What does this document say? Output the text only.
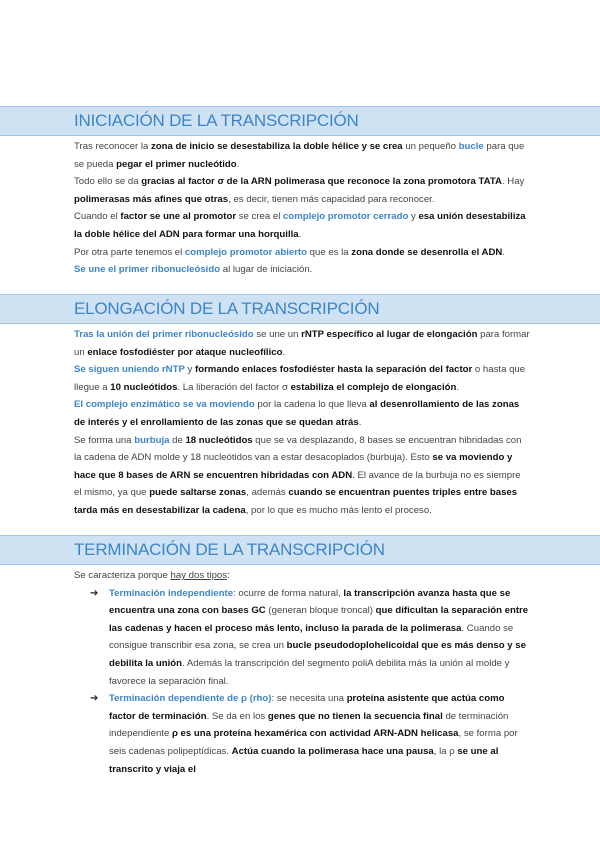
INICIACIÓN DE LA TRANSCRIPCIÓN

Tras reconocer la zona de inicio se desestabiliza la doble hélice y se crea un pequeño bucle para que se pueda pegar el primer nucleótido.

Todo ello se da gracias al factor σ de la ARN polimerasa que reconoce la zona promotora TATA. Hay polimerasas más afines que otras, es decir, tienen más capacidad para reconocer.

Cuando el factor se une al promotor se crea el complejo promotor cerrado y esa unión desestabiliza la doble hélice del ADN para formar una horquilla.

Por otra parte tenemos el complejo promotor abierto que es la zona donde se desenrolla el ADN.

Se une el primer ribonucleósido al lugar de iniciación.

ELONGACIÓN DE LA TRANSCRIPCIÓN

Tras la unión del primer ribonucleósido se une un rNTP específico al lugar de elongación para formar un enlace fosfodiéster por ataque nucleofílico.

Se siguen uniendo rNTP y formando enlaces fosfodiéster hasta la separación del factor o hasta que llegue a 10 nucleótidos. La liberación del factor σ estabiliza el complejo de elongación.

El complejo enzimático se va moviendo por la cadena lo que lleva al desenrollamiento de las zonas de interés y el enrollamiento de las zonas que se quedan atrás.

Se forma una burbuja de 18 nucleótidos que se va desplazando, 8 bases se encuentran hibridadas con la cadena de ADN molde y 18 nucleótidos van a estar desacoplados (burbuja). Esto se va moviendo y hace que 8 bases de ARN se encuentren hibridadas con ADN. El avance de la burbuja no es siempre el mismo, ya que puede saltarse zonas, además cuando se encuentran puentes triples entre bases tarda más en desestabilizar la cadena, por lo que es mucho más lento el proceso.

TERMINACIÓN DE LA TRANSCRIPCIÓN

Se caracteriza porque hay dos tipos:

➔ Terminación independiente: ocurre de forma natural, la transcripción avanza hasta que se encuentra una zona con bases GC (generan bloque troncal) que dificultan la separación entre las cadenas y hacen el proceso más lento, incluso la parada de la polimerasa. Cuando se consigue transcribir esa zona, se crea un bucle pseudodoplohelicoidal que es más denso y se debilita la unión. Además la transcripción del segmento poliA debilita más la unión al molde y favorece la separación final.
➔ Terminación dependiente de ρ (rho): se necesita una proteína asistente que actúa como factor de terminación. Se da en los genes que no tienen la secuencia final de terminación independiente ρ es una proteína hexamérica con actividad ARN-ADN helicasa, se forma por seis cadenas polipeptídicas. Actúa cuando la polimerasa hace una pausa, la ρ se une al transcrito y viaja el
